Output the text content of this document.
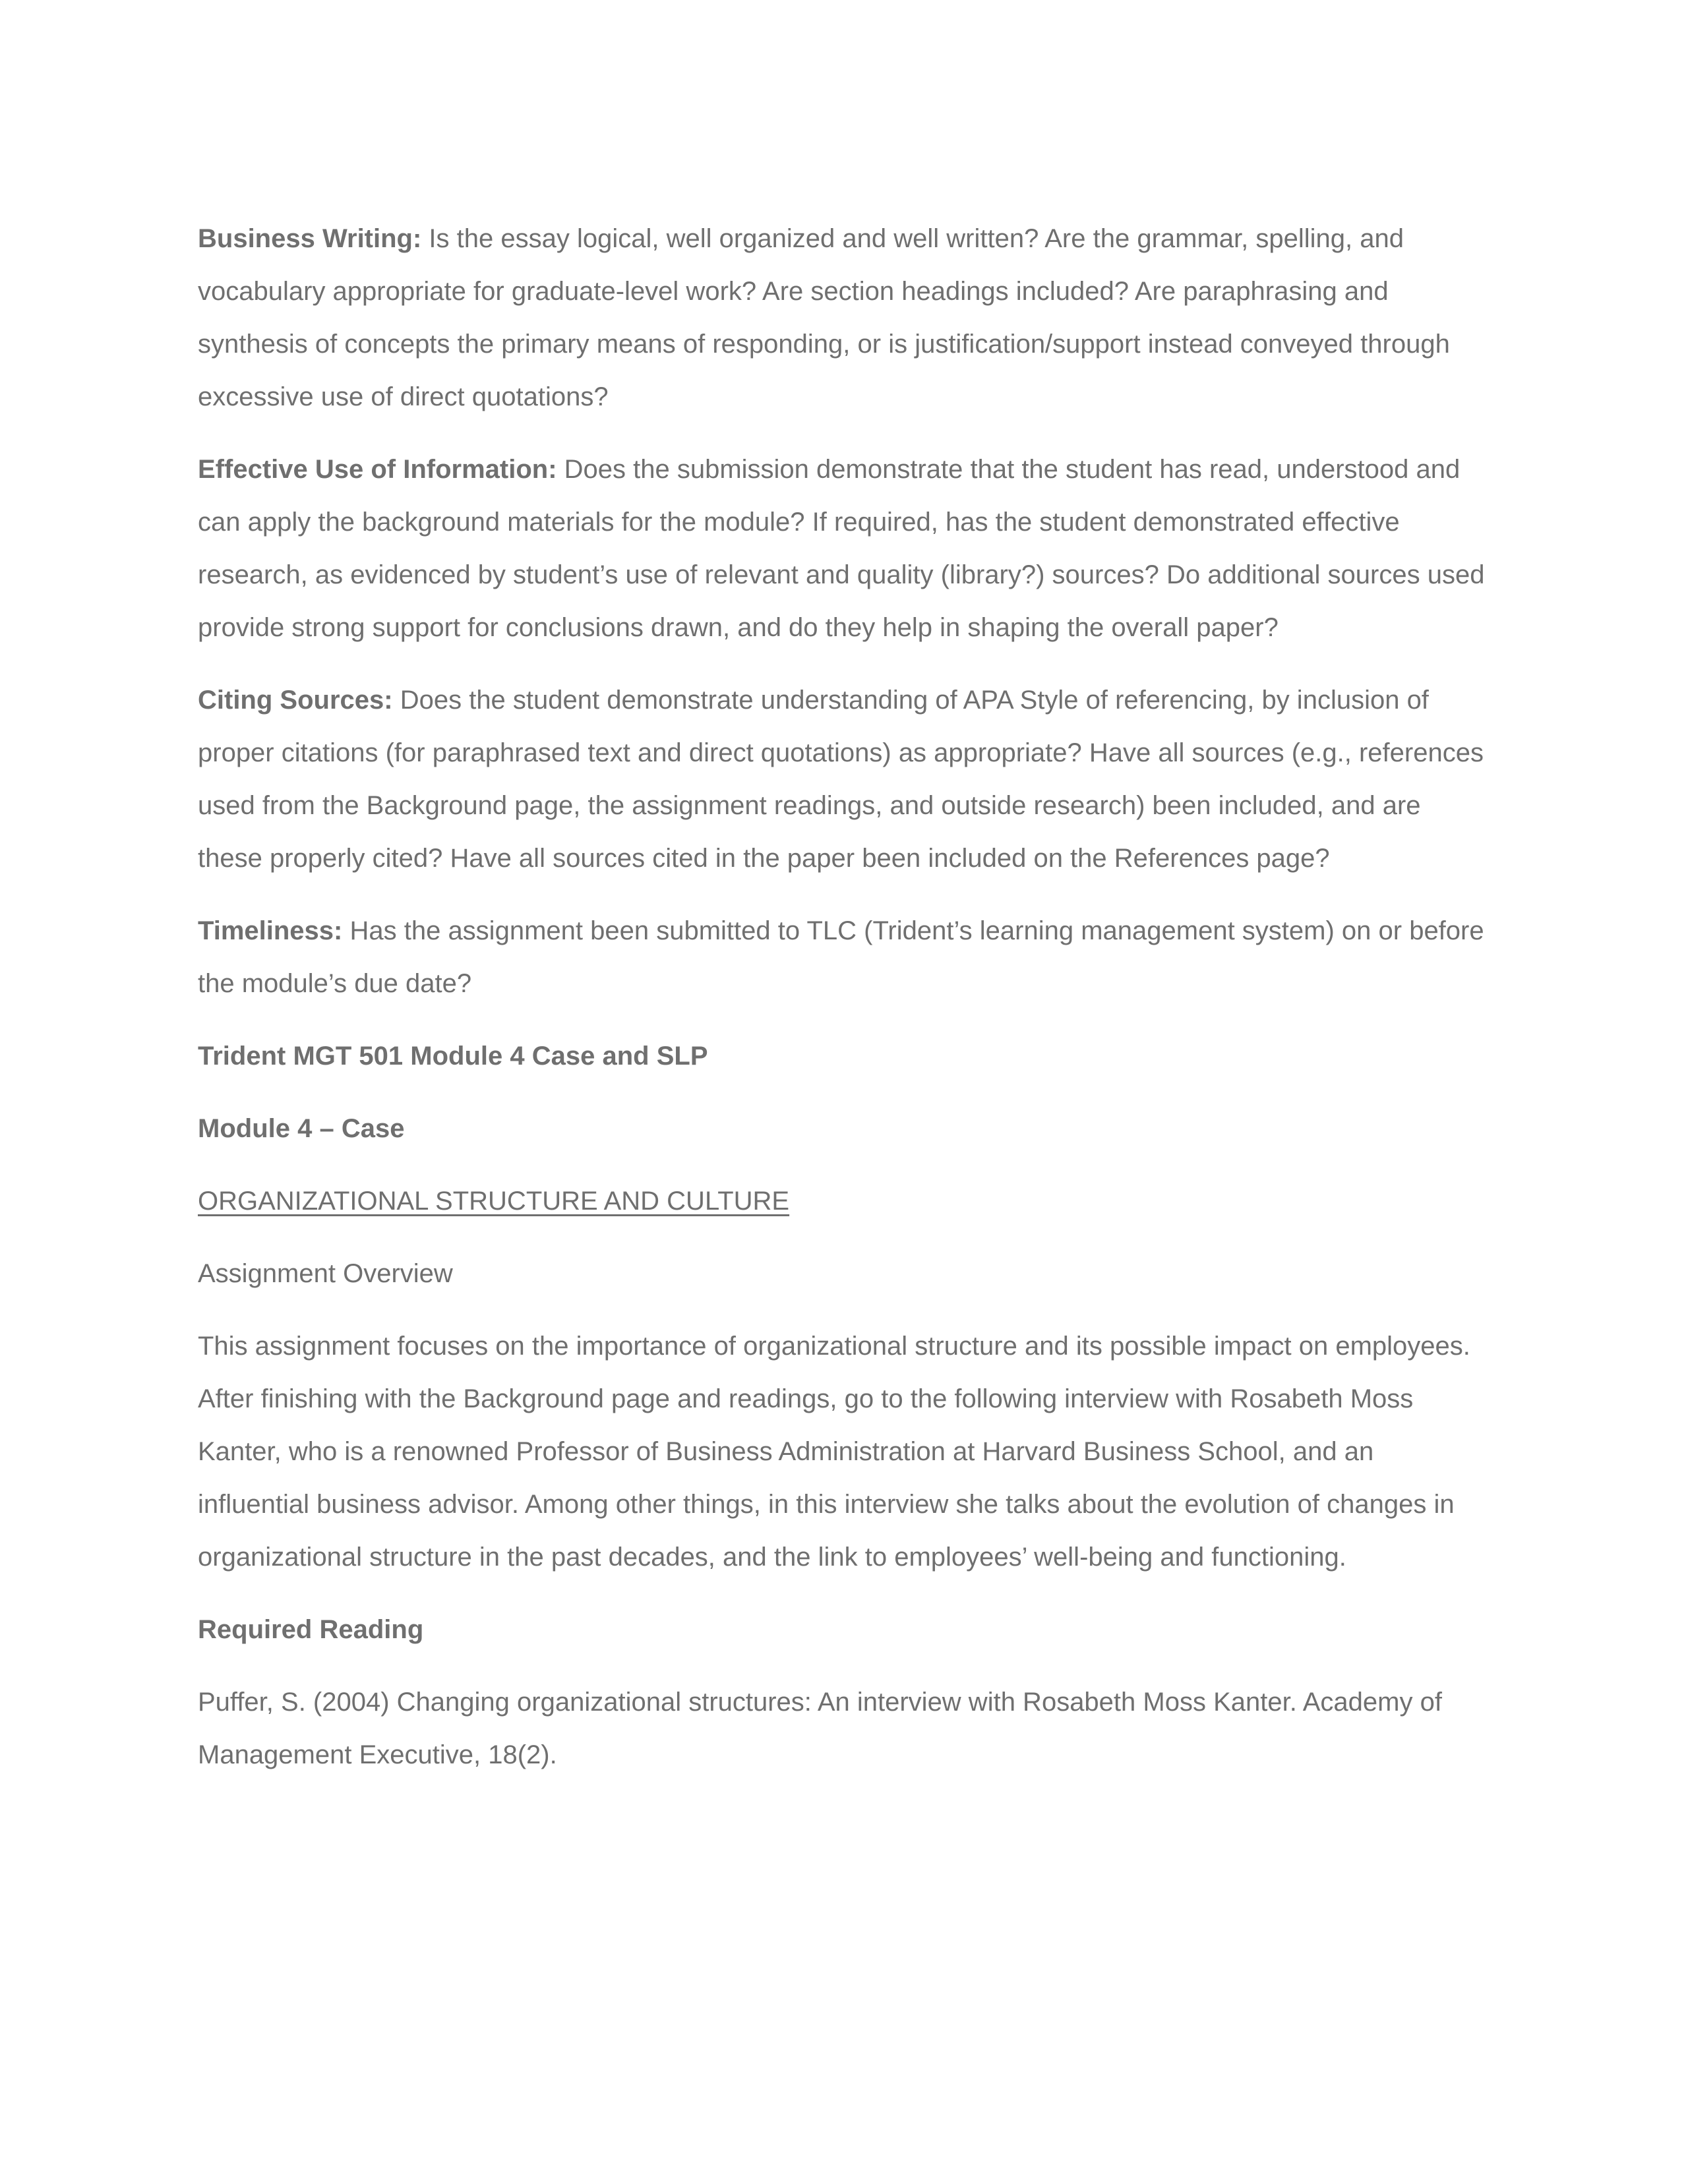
Business Writing: Is the essay logical, well organized and well written? Are the grammar, spelling, and vocabulary appropriate for graduate-level work? Are section headings included? Are paraphrasing and synthesis of concepts the primary means of responding, or is justification/support instead conveyed through excessive use of direct quotations?

Effective Use of Information: Does the submission demonstrate that the student has read, understood and can apply the background materials for the module? If required, has the student demonstrated effective research, as evidenced by student’s use of relevant and quality (library?) sources? Do additional sources used provide strong support for conclusions drawn, and do they help in shaping the overall paper?

Citing Sources: Does the student demonstrate understanding of APA Style of referencing, by inclusion of proper citations (for paraphrased text and direct quotations) as appropriate? Have all sources (e.g., references used from the Background page, the assignment readings, and outside research) been included, and are these properly cited? Have all sources cited in the paper been included on the References page?

Timeliness: Has the assignment been submitted to TLC (Trident’s learning management system) on or before the module’s due date?

Trident MGT 501 Module 4 Case and SLP

Module 4 – Case

ORGANIZATIONAL STRUCTURE AND CULTURE

Assignment Overview

This assignment focuses on the importance of organizational structure and its possible impact on employees. After finishing with the Background page and readings, go to the following interview with Rosabeth Moss Kanter, who is a renowned Professor of Business Administration at Harvard Business School, and an influential business advisor. Among other things, in this interview she talks about the evolution of changes in organizational structure in the past decades, and the link to employees’ well-being and functioning.

Required Reading

Puffer, S. (2004) Changing organizational structures: An interview with Rosabeth Moss Kanter. Academy of Management Executive, 18(2).
